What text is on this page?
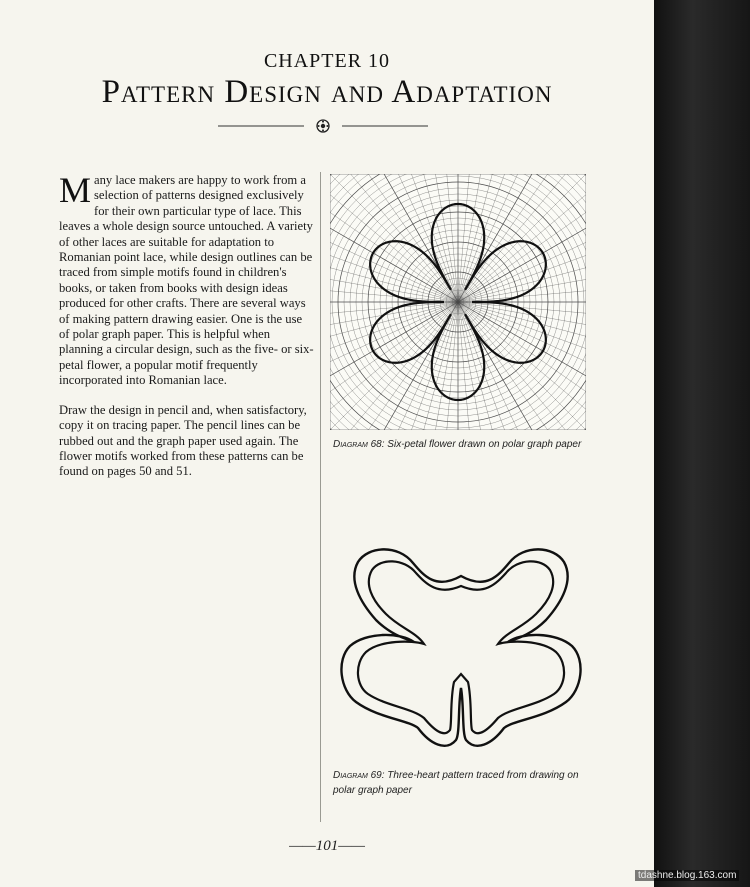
CHAPTER 10
Pattern Design and Adaptation

Many lace makers are happy to work from a selection of patterns designed exclusively for their own particular type of lace. This leaves a whole design source untouched. A variety of other laces are suitable for adaptation to Romanian point lace, while design outlines can be traced from simple motifs found in children's books, or taken from books with design ideas produced for other crafts. There are several ways of making pattern drawing easier. One is the use of polar graph paper. This is helpful when planning a circular design, such as the five- or six-petal flower, a popular motif frequently incorporated into Romanian lace.

Draw the design in pencil and, when satisfactory, copy it on tracing paper. The pencil lines can be rubbed out and the graph paper used again. The flower motifs worked from these patterns can be found on pages 50 and 51.

Diagram 68: Six-petal flower drawn on polar graph paper
Diagram 69: Three-heart pattern traced from drawing on polar graph paper
——101——
tdashne.blog.163.com
